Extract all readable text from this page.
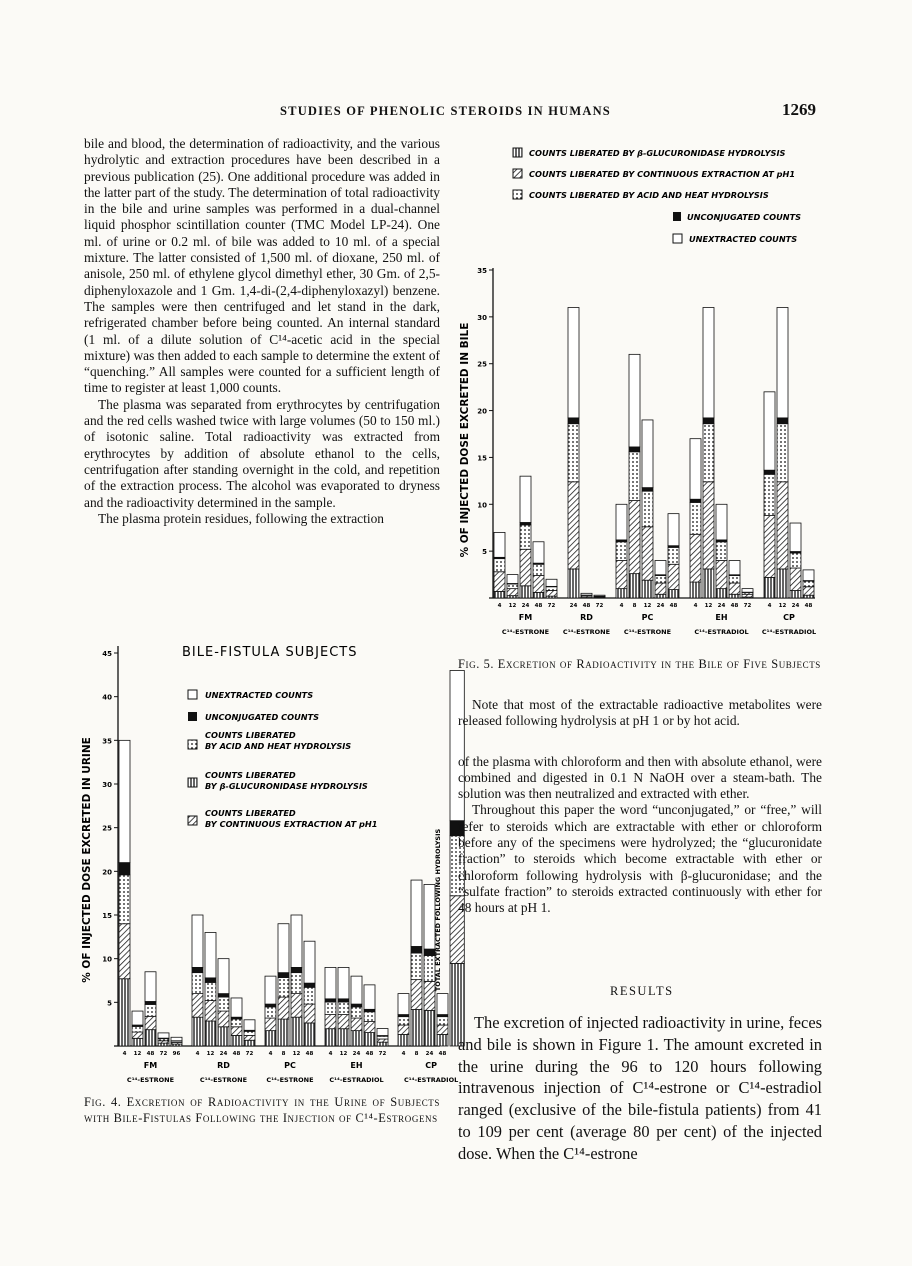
STUDIES OF PHENOLIC STEROIDS IN HUMANS	1269

bile and blood, the determination of radioactivity, and the various hydrolytic and extraction procedures have been described in a previous publication (25). One additional procedure was added in the latter part of the study. The determination of total radioactivity in the bile and urine samples was performed in a dual-channel liquid phosphor scintillation counter (TMC Model LP-24). One ml. of urine or 0.2 ml. of bile was added to 10 ml. of a special mixture. The latter consisted of 1,500 ml. of dioxane, 250 ml. of anisole, 250 ml. of ethylene glycol dimethyl ether, 30 Gm. of 2,5-diphenyloxazole and 1 Gm. 1,4-di-(2,4-diphenyloxazyl) benzene. The samples were then centrifuged and let stand in the dark, refrigerated chamber before being counted. An internal standard (1 ml. of a dilute solution of C¹⁴-acetic acid in the special mixture) was then added to each sample to determine the extent of “quenching.” All samples were counted for a sufficient length of time to register at least 1,000 counts.

The plasma was separated from erythrocytes by centrifugation and the red cells washed twice with large volumes (50 to 150 ml.) of isotonic saline. Total radioactivity was extracted from erythrocytes by addition of absolute ethanol to the cells, centrifugation after standing overnight in the cold, and repetition of the extraction process. The alcohol was evaporated to dryness and the radioactivity determined in the sample.

The plasma protein residues, following the extraction

5
10
15
20
25
30
35
40
45
4 12 48 72 96
FM
C¹⁴-ESTRONE
4 12 24 48 72
RD
C¹⁴-ESTRONE
4 8 12 48
PC
C¹⁴-ESTRONE
4 12 24 48 72
EH
C¹⁴-ESTRADIOL
4 8 24 48
CP
C¹⁴-ESTRADIOL
% OF INJECTED DOSE EXCRETED IN URINE
BILE-FISTULA SUBJECTS
UNEXTRACTED COUNTS
UNCONJUGATED COUNTS
COUNTS LIBERATED BY ACID AND HEAT HYDROLYSIS
COUNTS LIBERATED BY β-GLUCURONIDASE HYDROLYSIS
COUNTS LIBERATED BY CONTINUOUS EXTRACTION AT pH1
TOTAL EXTRACTED FOLLOWING HYDROLYSIS
Fig. 4. Excretion of Radioactivity in the Urine of Subjects with Bile-Fistulas Following the Injection of C¹⁴-Estrogens
5
10
15
20
25
30
35
4 12 24 48 72
FM
C¹⁴-ESTRONE
24 48 72
RD
C¹⁴-ESTRONE
4 8 12 24 48
PC
C¹⁴-ESTRONE
4 12 24 48 72
EH
C¹⁴-ESTRADIOL
4 12 24 48
CP
C¹⁴-ESTRADIOL
% OF INJECTED DOSE EXCRETED IN BILE
COUNTS LIBERATED BY β-GLUCURONIDASE HYDROLYSIS
COUNTS LIBERATED BY CONTINUOUS EXTRACTION AT pH1
COUNTS LIBERATED BY ACID AND HEAT HYDROLYSIS
UNCONJUGATED COUNTS
UNEXTRACTED COUNTS
Fig. 5. Excretion of Radioactivity in the Bile of Five Subjects

Note that most of the extractable radioactive metabolites were released following hydrolysis at pH 1 or by hot acid.

of the plasma with chloroform and then with absolute ethanol, were combined and digested in 0.1 N NaOH over a steam-bath. The solution was then neutralized and extracted with ether.

Throughout this paper the word “unconjugated,” or “free,” will refer to steroids which are extractable with ether or chloroform before any of the specimens were hydrolyzed; the “glucuronidate fraction” to steroids which become extractable with ether or chloroform following hydrolysis with β-glucuronidase; and the “sulfate fraction” to steroids extracted continuously with ether for 48 hours at pH 1.

RESULTS
The excretion of injected radioactivity in urine, feces and bile is shown in Figure 1. The amount excreted in the urine during the 96 to 120 hours following intravenous injection of C¹⁴-estrone or C¹⁴-estradiol ranged (exclusive of the bile-fistula patients) from 41 to 109 per cent (average 80 per cent) of the injected dose. When the C¹⁴-estrone
